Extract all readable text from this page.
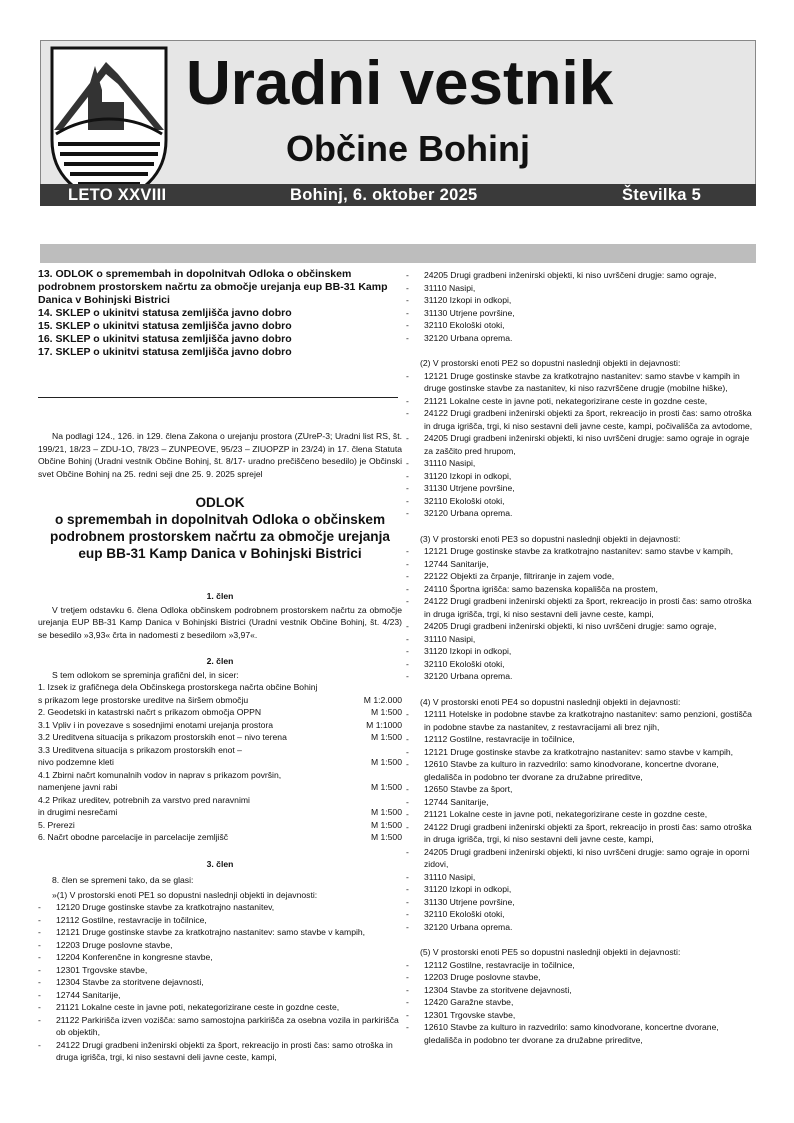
Uradni vestnik
Občine Bohinj
LETO XXVIII	Bohinj, 6. oktober 2025	Številka 5
13. ODLOK o spremembah in dopolnitvah Odloka o občinskem podrobnem prostorskem načrtu za območje urejanja eup BB-31 Kamp Danica v Bohinjski Bistrici
14. SKLEP o ukinitvi statusa zemljišča javno dobro
15. SKLEP o ukinitvi statusa zemljišča javno dobro
16. SKLEP o ukinitvi statusa zemljišča javno dobro
17. SKLEP o ukinitvi statusa zemljišča javno dobro

Na podlagi 124., 126. in 129. člena Zakona o urejanju prostora (ZUreP-3; Uradni list RS, št. 199/21, 18/23 – ZDU-1O, 78/23 – ZUNPEOVE, 95/23 – ZIUOPZP in 23/24) in 17. člena Statuta Občine Bohinj (Uradni vestnik Občine Bohinj, št. 8/17- uradno prečiščeno besedilo) je Občinski svet Občine Bohinj na 25. redni seji dne 25. 9. 2025 sprejel

ODLOK
o spremembah in dopolnitvah Odloka o občinskem
podrobnem prostorskem načrtu za območje urejanja
eup BB-31 Kamp Danica v Bohinjski Bistrici
1. člen

V tretjem odstavku 6. člena Odloka občinskem podrobnem prostorskem načrtu za območje urejanja EUP BB-31 Kamp Danica v Bohinjski Bistrici (Uradni vestnik Občine Bohinj, št. 4/23) se besedilo »3,93« črta in nadomesti z besedilom »3,97«.

2. člen
S tem odlokom se spreminja grafični del, in sicer:
1. Izsek iz grafičnega dela Občinskega prostorskega načrta občine Bohinj
s prikazom lege prostorske ureditve na širšem območju	M 1:2.000
2. Geodetski in katastrski načrt s prikazom območja OPPN	M 1:500
3.1 Vpliv i in povezave s sosednjimi enotami urejanja prostora	M 1:1000
3.2 Ureditvena situacija s prikazom prostorskih enot – nivo terena	M 1:500
3.3 Ureditvena situacija s prikazom prostorskih enot –
nivo podzemne kleti	M 1:500
4.1 Zbirni načrt komunalnih vodov in naprav s prikazom površin,
namenjene javni rabi	M 1:500
4.2 Prikaz ureditev, potrebnih za varstvo pred naravnimi
in drugimi nesrečami	M 1:500
5. Prerezi	M 1:500
6. Načrt obodne parcelacije in parcelacije zemljišč	M 1:500
3. člen
8. člen se spremeni tako, da se glasi:
»(1) V prostorski enoti PE1 so dopustni naslednji objekti in dejavnosti:
- 12120 Druge gostinske stavbe za kratkotrajno nastanitev,
- 12112 Gostilne, restavracije in točilnice,
- 12121 Druge gostinske stavbe za kratkotrajno nastanitev: samo stavbe v kampih,
- 12203 Druge poslovne stavbe,
- 12204 Konferenčne in kongresne stavbe,
- 12301 Trgovske stavbe,
- 12304 Stavbe za storitvene dejavnosti,
- 12744 Sanitarije,
- 21121 Lokalne ceste in javne poti, nekategorizirane ceste in gozdne ceste,
- 21122 Parkirišča izven vozišča: samo samostojna parkirišča za osebna vozila in parkirišča ob objektih,
- 24122 Drugi gradbeni inženirski objekti za šport, rekreacijo in prosti čas: samo otroška in druga igrišča, trgi, ki niso sestavni deli javne ceste, kampi,
- 24205 Drugi gradbeni inženirski objekti, ki niso uvrščeni drugje: samo ograje,
- 31110 Nasipi,
- 31120 Izkopi in odkopi,
- 31130 Utrjene površine,
- 32110 Ekološki otoki,
- 32120 Urbana oprema.
(2) V prostorski enoti PE2 so dopustni naslednji objekti in dejavnosti:
- 12121 Druge gostinske stavbe za kratkotrajno nastanitev: samo stavbe v kampih in druge gostinske stavbe za nastanitev, ki niso razvrščene drugje (mobilne hiške),
- 21121 Lokalne ceste in javne poti, nekategorizirane ceste in gozdne ceste,
- 24122 Drugi gradbeni inženirski objekti za šport, rekreacijo in prosti čas: samo otroška in druga igrišča, trgi, ki niso sestavni deli javne ceste, kampi, počivališča za avtodome,
- 24205 Drugi gradbeni inženirski objekti, ki niso uvrščeni drugje: samo ograje in ograje za zaščito pred hrupom,
- 31110 Nasipi,
- 31120 Izkopi in odkopi,
- 31130 Utrjene površine,
- 32110 Ekološki otoki,
- 32120 Urbana oprema.
(3) V prostorski enoti PE3 so dopustni naslednji objekti in dejavnosti:
- 12121 Druge gostinske stavbe za kratkotrajno nastanitev: samo stavbe v kampih,
- 12744 Sanitarije,
- 22122 Objekti za črpanje, filtriranje in zajem vode,
- 24110 Športna igrišča: samo bazenska kopališča na prostem,
- 24122 Drugi gradbeni inženirski objekti za šport, rekreacijo in prosti čas: samo otroška in druga igrišča, trgi, ki niso sestavni deli javne ceste, kampi,
- 24205 Drugi gradbeni inženirski objekti, ki niso uvrščeni drugje: samo ograje,
- 31110 Nasipi,
- 31120 Izkopi in odkopi,
- 32110 Ekološki otoki,
- 32120 Urbana oprema.
(4) V prostorski enoti PE4 so dopustni naslednji objekti in dejavnosti:
- 12111 Hotelske in podobne stavbe za kratkotrajno nastanitev: samo penzioni, gostišča in podobne stavbe za nastanitev, z restavracijami ali brez njih,
- 12112 Gostilne, restavracije in točilnice,
- 12121 Druge gostinske stavbe za kratkotrajno nastanitev: samo stavbe v kampih,
- 12610 Stavbe za kulturo in razvedrilo: samo kinodvorane, koncertne dvorane, gledališča in podobno ter dvorane za družabne prireditve,
- 12650 Stavbe za šport,
- 12744 Sanitarije,
- 21121 Lokalne ceste in javne poti, nekategorizirane ceste in gozdne ceste,
- 24122 Drugi gradbeni inženirski objekti za šport, rekreacijo in prosti čas: samo otroška in druga igrišča, trgi, ki niso sestavni deli javne ceste, kampi,
- 24205 Drugi gradbeni inženirski objekti, ki niso uvrščeni drugje: samo ograje in oporni zidovi,
- 31110 Nasipi,
- 31120 Izkopi in odkopi,
- 31130 Utrjene površine,
- 32110 Ekološki otoki,
- 32120 Urbana oprema.
(5) V prostorski enoti PE5 so dopustni naslednji objekti in dejavnosti:
- 12112 Gostilne, restavracije in točilnice,
- 12203 Druge poslovne stavbe,
- 12304 Stavbe za storitvene dejavnosti,
- 12420 Garažne stavbe,
- 12301 Trgovske stavbe,
- 12610 Stavbe za kulturo in razvedrilo: samo kinodvorane, koncertne dvorane, gledališča in podobno ter dvorane za družabne prireditve,
